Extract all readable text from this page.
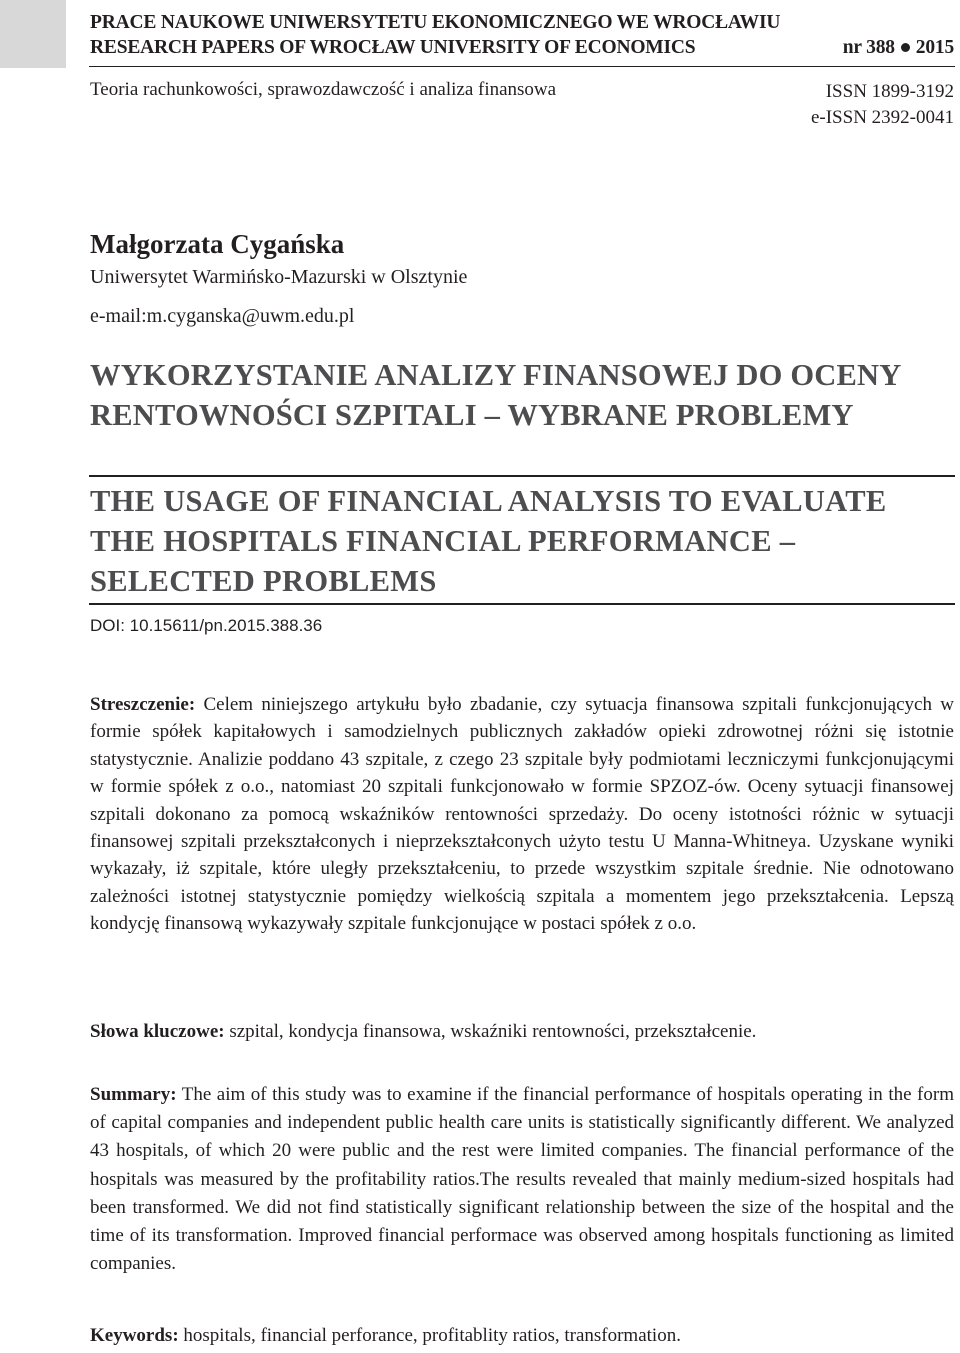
PRACE NAUKOWE UNIWERSYTETU EKONOMICZNEGO WE WROCŁAWIU
RESEARCH PAPERS OF WROCŁAW UNIVERSITY OF ECONOMICS	nr 388 2015
Teoria rachunkowości, sprawozdawczość i analiza finansowa	ISSN 1899-3192
e-ISSN 2392-0041
Małgorzata Cygańska
Uniwersytet Warmińsko-Mazurski w Olsztynie
e-mail:m.cyganska@uwm.edu.pl
WYKORZYSTANIE ANALIZY FINANSOWEJ DO OCENY RENTOWNOŚCI SZPITALI – WYBRANE PROBLEMY
THE USAGE OF FINANCIAL ANALYSIS TO EVALUATE THE HOSPITALS FINANCIAL PERFORMANCE – SELECTED PROBLEMS
DOI: 10.15611/pn.2015.388.36
Streszczenie: Celem niniejszego artykułu było zbadanie, czy sytuacja finansowa szpitali funkcjonujących w formie spółek kapitałowych i samodzielnych publicznych zakładów opieki zdrowotnej różni się istotnie statystycznie. Analizie poddano 43 szpitale, z czego 23 szpitale były podmiotami leczniczymi funkcjonującymi w formie spółek z o.o., natomiast 20 szpitali funkcjonowało w formie SPZOZ-ów. Oceny sytuacji finansowej szpitali dokonano za pomocą wskaźników rentowności sprzedaży. Do oceny istotności różnic w sytuacji finansowej szpitali przekształconych i nieprzekształconych użyto testu U Manna-Whitneya. Uzyskane wyniki wykazały, iż szpitale, które uległy przekształceniu, to przede wszystkim szpitale średnie. Nie odnotowano zależności istotnej statystycznie pomiędzy wielkością szpitala a momentem jego przekształcenia. Lepszą kondycję finansową wykazywały szpitale funkcjonujące w postaci spółek z o.o.
Słowa kluczowe: szpital, kondycja finansowa, wskaźniki rentowności, przekształcenie.
Summary: The aim of this study was to examine if the financial performance of hospitals operating in the form of capital companies and independent public health care units is statistically significantly different. We analyzed 43 hospitals, of which 20 were public and the rest were limited companies. The financial performance of the hospitals was measured by the profitability ratios.The results revealed that mainly medium-sized hospitals had been transformed. We did not find statistically significant relationship between the size of the hospital and the time of its transformation. Improved financial performace was observed among hospitals functioning as limited companies.
Keywords: hospitals, financial perforance, profitablity ratios, transformation.
